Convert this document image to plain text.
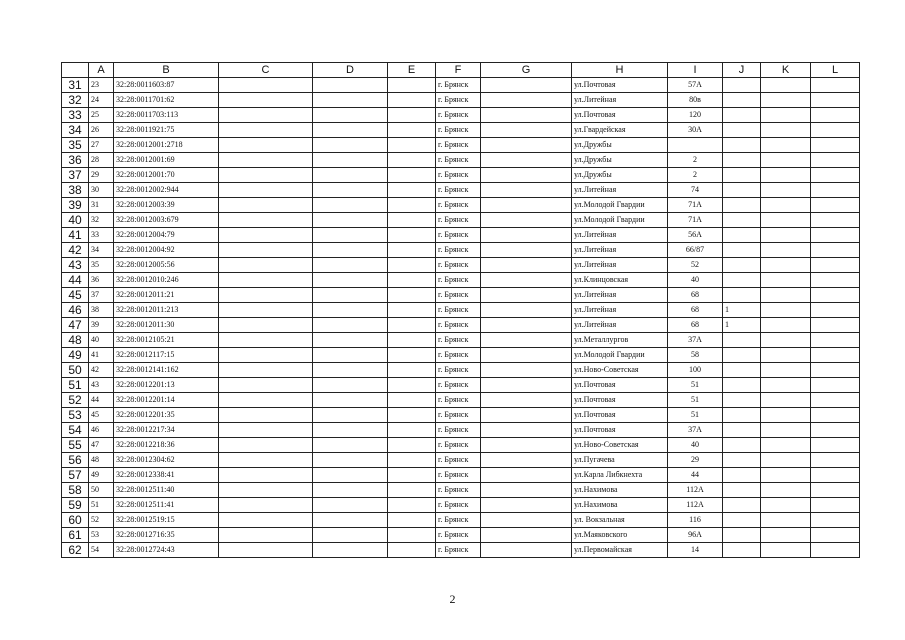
	A	B	C	D	E	F	G	H	I	J	K	L
31	23	32:28:0011603:87				г. Брянск		ул.Почтовая	57А			
32	24	32:28:0011701:62				г. Брянск		ул.Литейная	80в			
33	25	32:28:0011703:113				г. Брянск		ул.Почтовая	120			
34	26	32:28:0011921:75				г. Брянск		ул.Гвардейская	30А			
35	27	32:28:0012001:2718				г. Брянск		ул.Дружбы				
36	28	32:28:0012001:69				г. Брянск		ул.Дружбы	2			
37	29	32:28:0012001:70				г. Брянск		ул.Дружбы	2			
38	30	32:28:0012002:944				г. Брянск		ул.Литейная	74			
39	31	32:28:0012003:39				г. Брянск		ул.Молодой Гвардии	71А			
40	32	32:28:0012003:679				г. Брянск		ул.Молодой Гвардии	71А			
41	33	32:28:0012004:79				г. Брянск		ул.Литейная	56А			
42	34	32:28:0012004:92				г. Брянск		ул.Литейная	66/87			
43	35	32:28:0012005:56				г. Брянск		ул.Литейная	52			
44	36	32:28:0012010:246				г. Брянск		ул.Клинцовская	40			
45	37	32:28:0012011:21				г. Брянск		ул.Литейная	68			
46	38	32:28:0012011:213				г. Брянск		ул.Литейная	68	1		
47	39	32:28:0012011:30				г. Брянск		ул.Литейная	68	1		
48	40	32:28:0012105:21				г. Брянск		ул.Металлургов	37А			
49	41	32:28:0012117:15				г. Брянск		ул.Молодой Гвардии	58			
50	42	32:28:0012141:162				г. Брянск		ул.Ново-Советская	100			
51	43	32:28:0012201:13				г. Брянск		ул.Почтовая	51			
52	44	32:28:0012201:14				г. Брянск		ул.Почтовая	51			
53	45	32:28:0012201:35				г. Брянск		ул.Почтовая	51			
54	46	32:28:0012217:34				г. Брянск		ул.Почтовая	37А			
55	47	32:28:0012218:36				г. Брянск		ул.Ново-Советская	40			
56	48	32:28:0012304:62				г. Брянск		ул.Пугачева	29			
57	49	32:28:0012338:41				г. Брянск		ул.Карла Либкнехта	44			
58	50	32:28:0012511:40				г. Брянск		ул.Нахимова	112А			
59	51	32:28:0012511:41				г. Брянск		ул.Нахимова	112А			
60	52	32:28:0012519:15				г. Брянск		ул. Вокзальная	116			
61	53	32:28:0012716:35				г. Брянск		ул.Маяковского	96А			
62	54	32:28:0012724:43				г. Брянск		ул.Первомайская	14			
2
